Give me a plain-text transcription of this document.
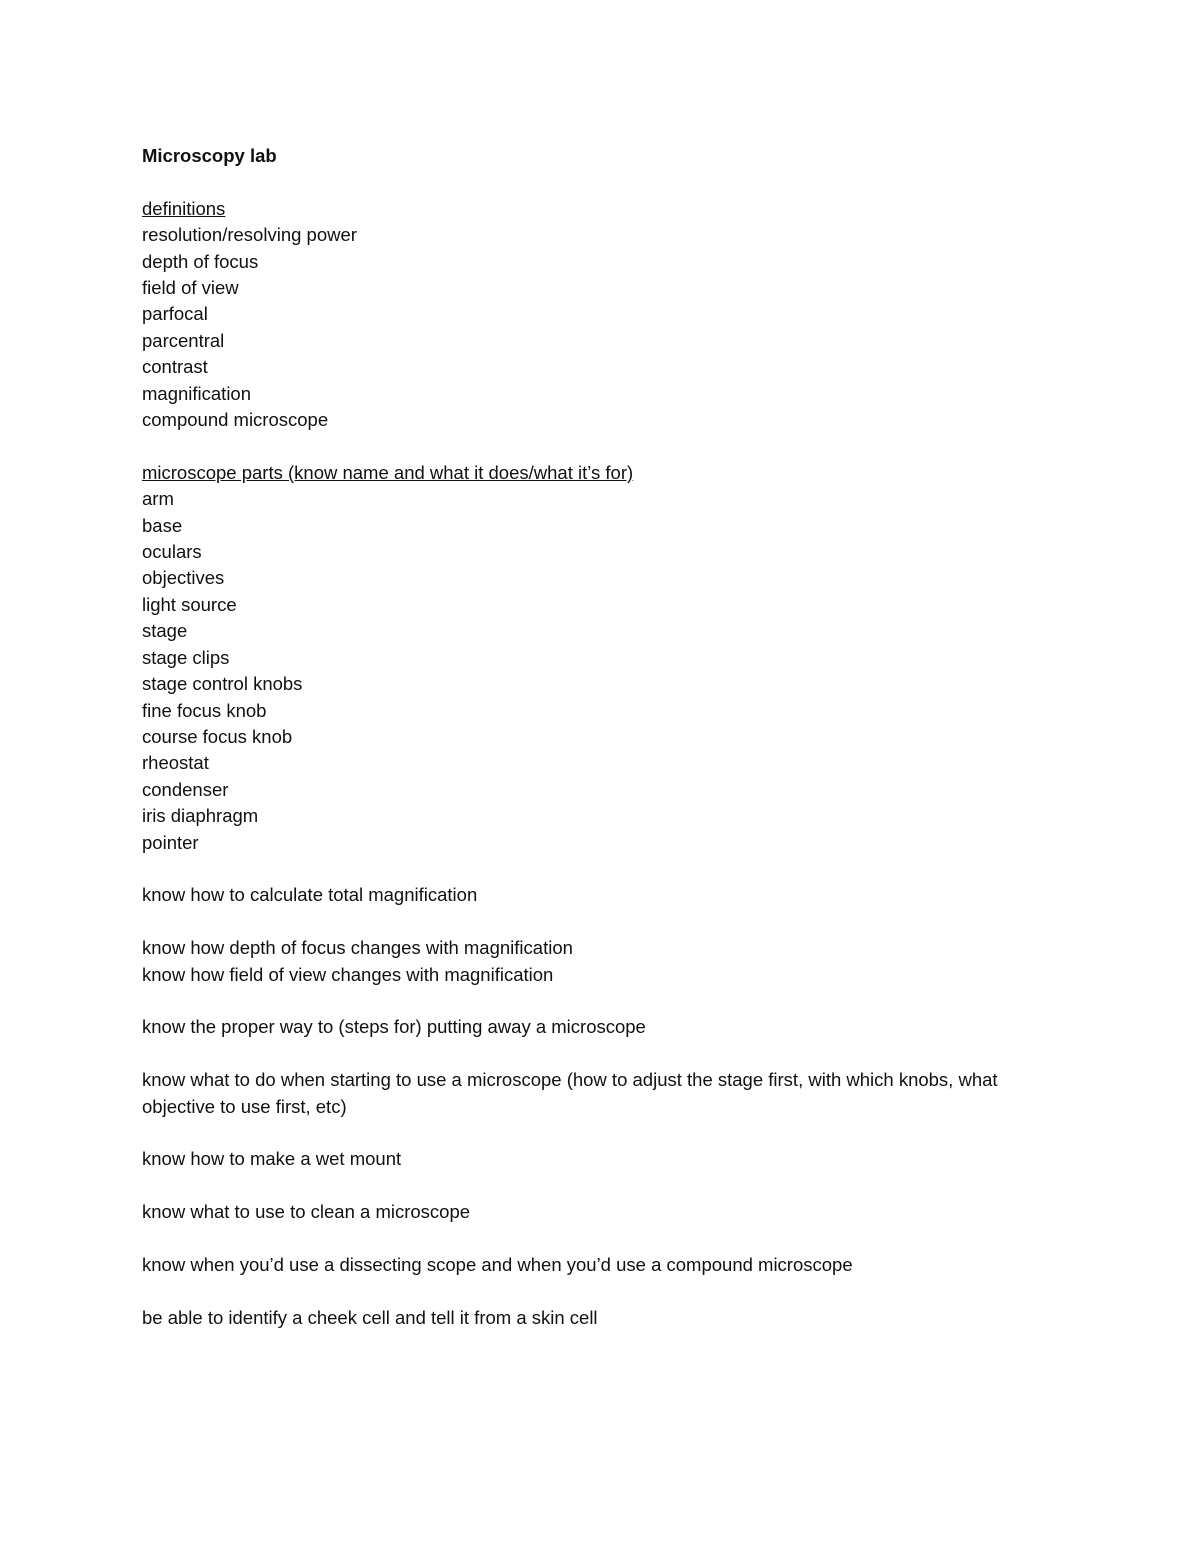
Microscopy lab

definitions

resolution/resolving power
depth of focus
field of view
parfocal
parcentral
contrast
magnification
compound microscope

microscope parts (know name and what it does/what it’s for)

arm
base
oculars
objectives
light source
stage
stage clips
stage control knobs
fine focus knob
course focus knob
rheostat
condenser
iris diaphragm
pointer

know how to calculate total magnification

know how depth of focus changes with magnification

know how field of view changes with magnification

know the proper way to (steps for) putting away a microscope

know what to do when starting to use a microscope (how to adjust the stage first, with which knobs, what objective to use first, etc)

know how to make a wet mount

know what to use to clean a microscope

know when you’d use a dissecting scope and when you’d use a compound microscope

be able to identify a cheek cell and tell it from a skin cell
